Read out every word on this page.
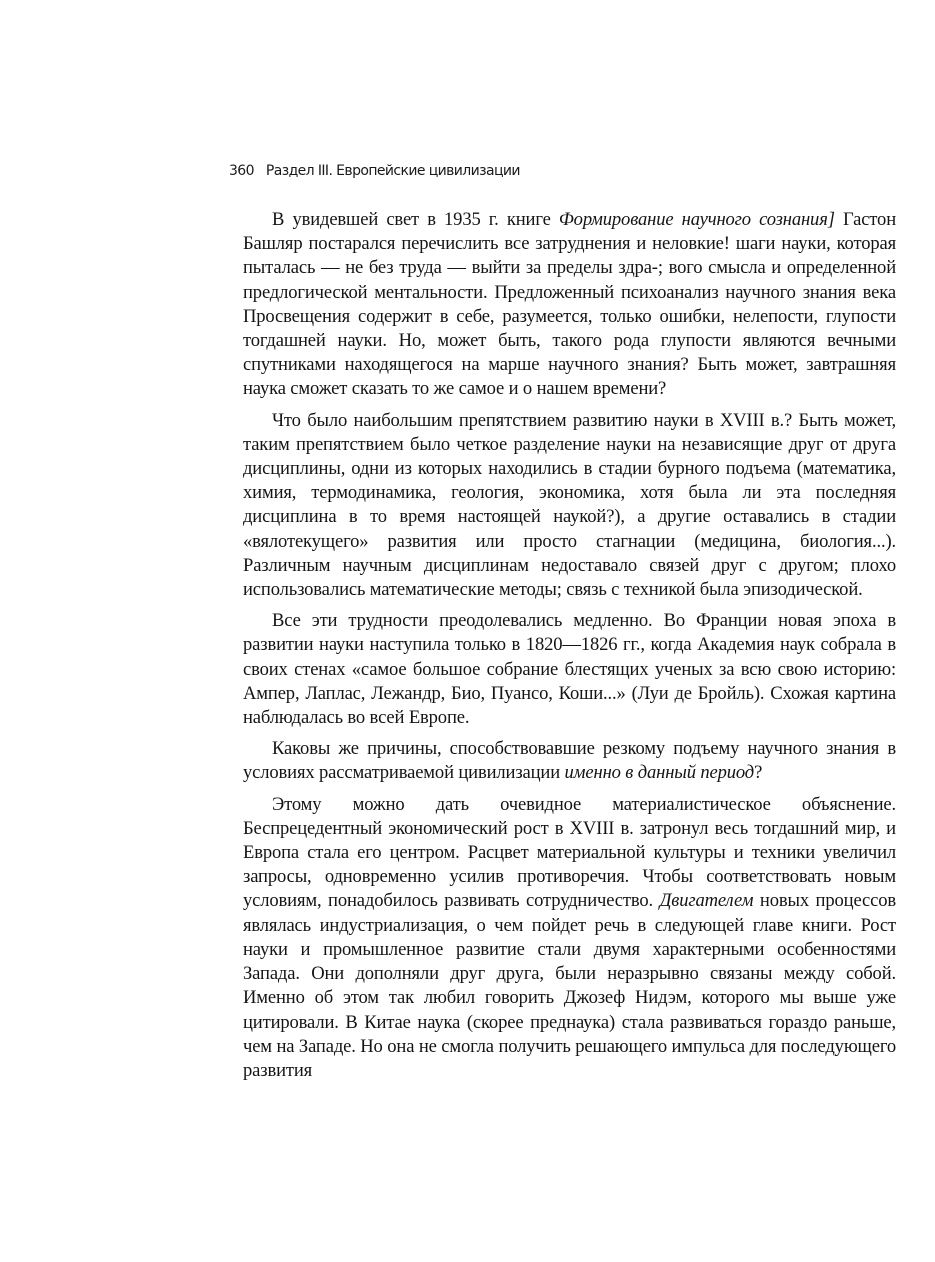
360 Раздел III. Европейские цивилизации

В увидевшей свет в 1935 г. книге Формирование научного сознания] Гастон Башляр постарался перечислить все затруднения и неловкие! шаги науки, которая пыталась — не без труда — выйти за пределы здра-; вого смысла и определенной предлогической ментальности. Предложенный психоанализ научного знания века Просвещения содержит в себе, разумеется, только ошибки, нелепости, глупости тогдашней науки. Но, может быть, такого рода глупости являются вечными спутниками находящегося на марше научного знания? Быть может, завтрашняя наука сможет сказать то же самое и о нашем времени?

Что было наибольшим препятствием развитию науки в XVIII в.? Быть может, таким препятствием было четкое разделение науки на независящие друг от друга дисциплины, одни из которых находились в стадии бурного подъема (математика, химия, термодинамика, геология, экономика, хотя была ли эта последняя дисциплина в то время настоящей наукой?), а другие оставались в стадии «вялотекущего» развития или просто стагнации (медицина, биология...). Различным научным дисциплинам недоставало связей друг с другом; плохо использовались математические методы; связь с техникой была эпизодической.

Все эти трудности преодолевались медленно. Во Франции новая эпоха в развитии науки наступила только в 1820—1826 гг., когда Академия наук собрала в своих стенах «самое большое собрание блестящих ученых за всю свою историю: Ампер, Лаплас, Лежандр, Био, Пуансо, Коши...» (Луи де Бройль). Схожая картина наблюдалась во всей Европе.

Каковы же причины, способствовавшие резкому подъему научного знания в условиях рассматриваемой цивилизации именно в данный период?

Этому можно дать очевидное материалистическое объяснение. Беспрецедентный экономический рост в XVIII в. затронул весь тогдашний мир, и Европа стала его центром. Расцвет материальной культуры и техники увеличил запросы, одновременно усилив противоречия. Чтобы соответствовать новым условиям, понадобилось развивать сотрудничество. Двигателем новых процессов являлась индустриализация, о чем пойдет речь в следующей главе книги. Рост науки и промышленное развитие стали двумя характерными особенностями Запада. Они дополняли друг друга, были неразрывно связаны между собой. Именно об этом так любил говорить Джозеф Нидэм, которого мы выше уже цитировали. В Китае наука (скорее преднаука) стала развиваться гораздо раньше, чем на Западе. Но она не смогла получить решающего импульса для последующего развития
